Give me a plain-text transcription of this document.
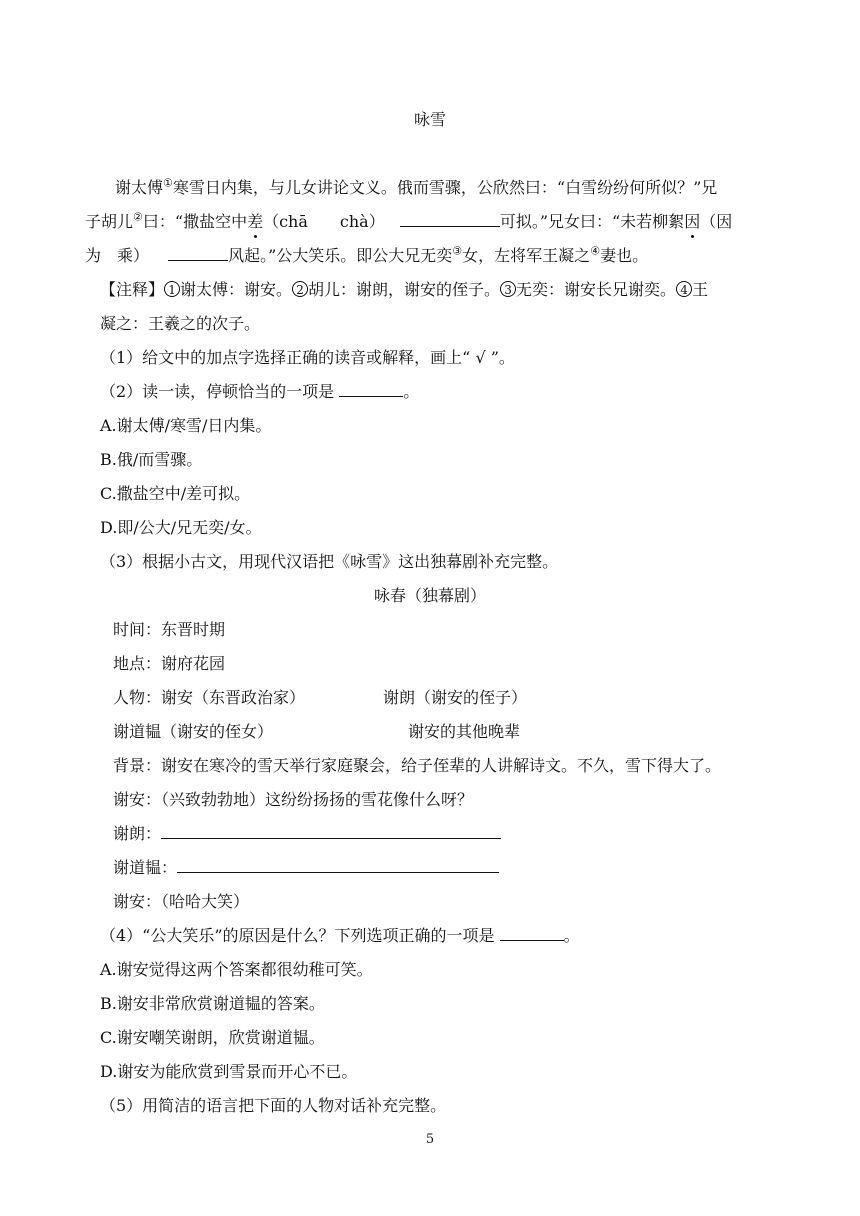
咏雪
谢太傅①寒雪日内集，与儿女讲论文义。俄而雪骤，公欣然曰：“白雪纷纷何所似？”兄
子胡儿②曰：“撒盐空中差（chā　　chà）	可拟。”兄女曰：“未若柳絮因（因
为　乘）	风起。”公大笑乐。即公大兄无奕③女，左将军王凝之④妻也。
【注释】 1 谢太傅：谢安。 2 胡儿：谢朗，谢安的侄子。 3 无奕：谢安长兄谢奕。 4 王
凝之：王羲之的次子。
（1）给文中的加点字选择正确的读音或解释，画上“ √ ”。
（2）读一读，停顿恰当的一项是	。
A.谢太傅/寒雪/日内集。
B.俄/而雪骤。
C.撒盐空中/差可拟。
D.即/公大/兄无奕/女。
（3）根据小古文，用现代汉语把《咏雪》这出独幕剧补充完整。
咏春（独幕剧）
时间：东晋时期
地点：谢府花园
人物：谢安（东晋政治家）	谢朗（谢安的侄子）
谢道韫（谢安的侄女）	谢安的其他晚辈
背景：谢安在寒冷的雪天举行家庭聚会，给子侄辈的人讲解诗文。不久，雪下得大了。
谢安：（兴致勃勃地）这纷纷扬扬的雪花像什么呀？
谢朗：
谢道韫：
谢安：（哈哈大笑）
（4）“公大笑乐”的原因是什么？下列选项正确的一项是	。
A.谢安觉得这两个答案都很幼稚可笑。
B.谢安非常欣赏谢道韫的答案。
C.谢安嘲笑谢朗，欣赏谢道韫。
D.谢安为能欣赏到雪景而开心不已。
（5）用简洁的语言把下面的人物对话补充完整。
5
